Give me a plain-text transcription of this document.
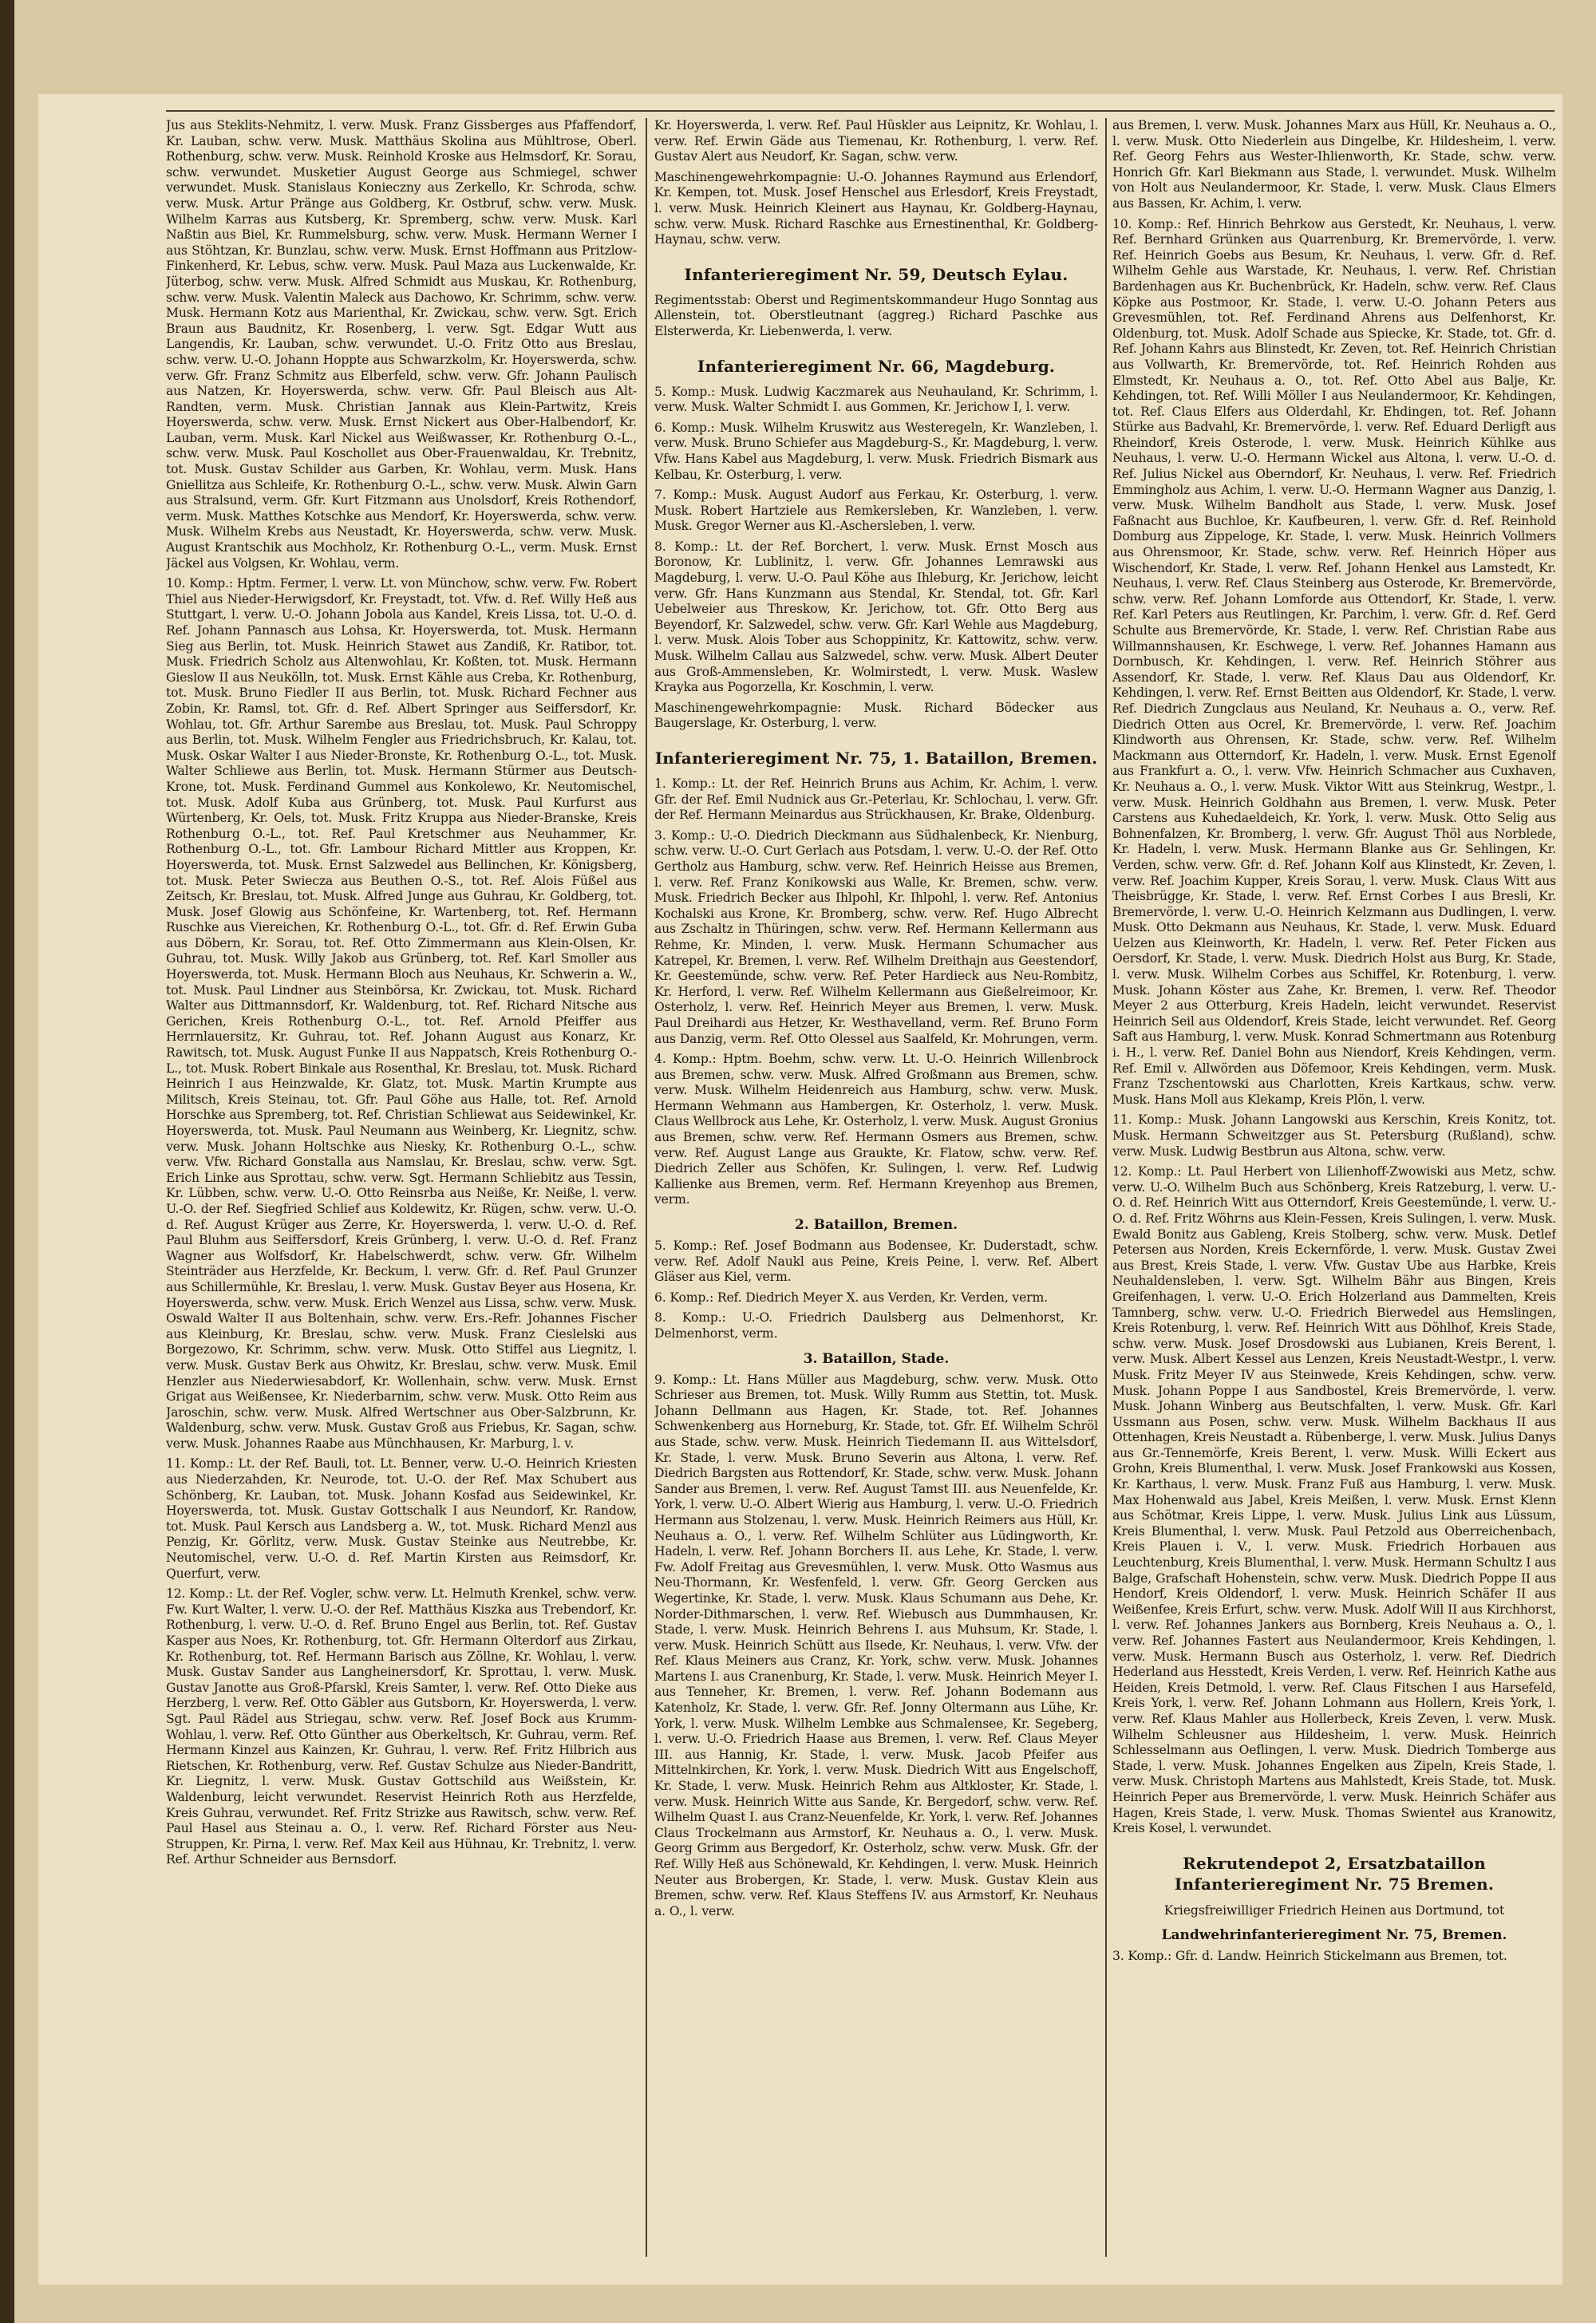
Jus aus Steklits-Nehmitz, l. verw. Musk. Franz Gissberges aus Pfaffendorf, Kr. Lauban, schw. verw. Musk. Matthäus Skolina aus Mühltrose, Oberl. Rothenburg, schw. verw. Musk. Reinhold Kroske aus Helmsdorf, Kr. Sorau, schw. verwundet. Musketier August George aus Schmiegel, schwer verwundet. Musk. Stanislaus Konieczny aus Zerkello, Kr. Schroda, schw. verw. Musk. Artur Pränge aus Goldberg, Kr. Ostbruf, schw. verw. Musk. Wilhelm Karras aus Kutsberg, Kr. Spremberg, schw. verw. Musk. Karl Naßtin aus Biel, Kr. Rummelsburg, schw. verw. Musk. Hermann Werner I aus Stöhtzan, Kr. Bunzlau, schw. verw. Musk. Ernst Hoffmann aus Pritzlow-Finkenherd, Kr. Lebus, schw. verw. Musk. Paul Maza aus Luckenwalde, Kr. Jüterbog, schw. verw. Musk. Alfred Schmidt aus Muskau, Kr. Rothenburg, schw. verw. Musk. Valentin Maleck aus Dachowo, Kr. Schrimm, schw. verw. Musk. Hermann Kotz aus Marienthal, Kr. Zwickau, schw. verw. Sgt. Erich Braun aus Baudnitz, Kr. Rosenberg, l. verw. Sgt. Edgar Wutt aus Langendis, Kr. Lauban, schw. verwundet. U.-O. Fritz Otto aus Breslau, schw. verw. U.-O. Johann Hoppte aus Schwarzkolm, Kr. Hoyerswerda, schw. verw. Gfr. Franz Schmitz aus Elberfeld, schw. verw. Gfr. Johann Paulisch aus Natzen, Kr. Hoyerswerda, schw. verw. Gfr. Paul Bleisch aus Alt-Randten, verm. Musk. Christian Jannak aus Klein-Partwitz, Kreis Hoyerswerda, schw. verw. Musk. Ernst Nickert aus Ober-Halbendorf, Kr. Lauban, verm. Musk. Karl Nickel aus Weißwasser, Kr. Rothenburg O.-L., schw. verw. Musk. Paul Koschollet aus Ober-Frauenwaldau, Kr. Trebnitz, tot. Musk. Gustav Schilder aus Garben, Kr. Wohlau, verm. Musk. Hans Gniellitza aus Schleife, Kr. Rothenburg O.-L., schw. verw. Musk. Alwin Garn aus Stralsund, verm. Gfr. Kurt Fitzmann aus Unolsdorf, Kreis Rothendorf, verm. Musk. Matthes Kotschke aus Mendorf, Kr. Hoyerswerda, schw. verw. Musk. Wilhelm Krebs aus Neustadt, Kr. Hoyerswerda, schw. verw. Musk. August Krantschik aus Mochholz, Kr. Rothenburg O.-L., verm. Musk. Ernst Jäckel aus Volgsen, Kr. Wohlau, verm.

10. Komp.: Hptm. Fermer, l. verw. Lt. von Münchow, schw. verw. Fw. Robert Thiel aus Nieder-Herwigsdorf, Kr. Freystadt, tot. Vfw. d. Ref. Willy Heß aus Stuttgart, l. verw. U.-O. Johann Jobola aus Kandel, Kreis Lissa, tot. U.-O. d. Ref. Johann Pannasch aus Lohsa, Kr. Hoyerswerda, tot. Musk. Hermann Sieg aus Berlin, tot. Musk. Heinrich Stawet aus Zandiß, Kr. Ratibor, tot. Musk. Friedrich Scholz aus Altenwohlau, Kr. Koßten, tot. Musk. Hermann Gieslow II aus Neukölln, tot. Musk. Ernst Kähle aus Creba, Kr. Rothenburg, tot. Musk. Bruno Fiedler II aus Berlin, tot. Musk. Richard Fechner aus Zobin, Kr. Ramsl, tot. Gfr. d. Ref. Albert Springer aus Seiffersdorf, Kr. Wohlau, tot. Gfr. Arthur Sarembe aus Breslau, tot. Musk. Paul Schroppy aus Berlin, tot. Musk. Wilhelm Fengler aus Friedrichsbruch, Kr. Kalau, tot. Musk. Oskar Walter I aus Nieder-Bronste, Kr. Rothenburg O.-L., tot. Musk. Walter Schliewe aus Berlin, tot. Musk. Hermann Stürmer aus Deutsch-Krone, tot. Musk. Ferdinand Gummel aus Konkolewo, Kr. Neutomischel, tot. Musk. Adolf Kuba aus Grünberg, tot. Musk. Paul Kurfurst aus Würtenberg, Kr. Oels, tot. Musk. Fritz Kruppa aus Nieder-Branske, Kreis Rothenburg O.-L., tot. Ref. Paul Kretschmer aus Neuhammer, Kr. Rothenburg O.-L., tot. Gfr. Lambour Richard Mittler aus Kroppen, Kr. Hoyerswerda, tot. Musk. Ernst Salzwedel aus Bellinchen, Kr. Königsberg, tot. Musk. Peter Swiecza aus Beuthen O.-S., tot. Ref. Alois Füßel aus Zeitsch, Kr. Breslau, tot. Musk. Alfred Junge aus Guhrau, Kr. Goldberg, tot. Musk. Josef Glowig aus Schönfeine, Kr. Wartenberg, tot. Ref. Hermann Ruschke aus Viereichen, Kr. Rothenburg O.-L., tot. Gfr. d. Ref. Erwin Guba aus Döbern, Kr. Sorau, tot. Ref. Otto Zimmermann aus Klein-Olsen, Kr. Guhrau, tot. Musk. Willy Jakob aus Grünberg, tot. Ref. Karl Smoller aus Hoyerswerda, tot. Musk. Hermann Bloch aus Neuhaus, Kr. Schwerin a. W., tot. Musk. Paul Lindner aus Steinbörsa, Kr. Zwickau, tot. Musk. Richard Walter aus Dittmannsdorf, Kr. Waldenburg, tot. Ref. Richard Nitsche aus Gerichen, Kreis Rothenburg O.-L., tot. Ref. Arnold Pfeiffer aus Herrnlauersitz, Kr. Guhrau, tot. Ref. Johann August aus Konarz, Kr. Rawitsch, tot. Musk. August Funke II aus Nappatsch, Kreis Rothenburg O.-L., tot. Musk. Robert Binkale aus Rosenthal, Kr. Breslau, tot. Musk. Richard Heinrich I aus Heinzwalde, Kr. Glatz, tot. Musk. Martin Krumpte aus Militsch, Kreis Steinau, tot. Gfr. Paul Göhe aus Halle, tot. Ref. Arnold Horschke aus Spremberg, tot. Ref. Christian Schliewat aus Seidewinkel, Kr. Hoyerswerda, tot. Musk. Paul Neumann aus Weinberg, Kr. Liegnitz, schw. verw. Musk. Johann Holtschke aus Niesky, Kr. Rothenburg O.-L., schw. verw. Vfw. Richard Gonstalla aus Namslau, Kr. Breslau, schw. verw. Sgt. Erich Linke aus Sprottau, schw. verw. Sgt. Hermann Schliebitz aus Tessin, Kr. Lübben, schw. verw. U.-O. Otto Reinsrba aus Neiße, Kr. Neiße, l. verw. U.-O. der Ref. Siegfried Schlief aus Koldewitz, Kr. Rügen, schw. verw. U.-O. d. Ref. August Krüger aus Zerre, Kr. Hoyerswerda, l. verw. U.-O. d. Ref. Paul Bluhm aus Seiffersdorf, Kreis Grünberg, l. verw. U.-O. d. Ref. Franz Wagner aus Wolfsdorf, Kr. Habelschwerdt, schw. verw. Gfr. Wilhelm Steinträder aus Herzfelde, Kr. Beckum, l. verw. Gfr. d. Ref. Paul Grunzer aus Schillermühle, Kr. Breslau, l. verw. Musk. Gustav Beyer aus Hosena, Kr. Hoyerswerda, schw. verw. Musk. Erich Wenzel aus Lissa, schw. verw. Musk. Oswald Walter II aus Boltenhain, schw. verw. Ers.-Refr. Johannes Fischer aus Kleinburg, Kr. Breslau, schw. verw. Musk. Franz Cieslelski aus Borgezowo, Kr. Schrimm, schw. verw. Musk. Otto Stiffel aus Liegnitz, l. verw. Musk. Gustav Berk aus Ohwitz, Kr. Breslau, schw. verw. Musk. Emil Henzler aus Niederwiesabdorf, Kr. Wollenhain, schw. verw. Musk. Ernst Grigat aus Weißensee, Kr. Niederbarnim, schw. verw. Musk. Otto Reim aus Jaroschin, schw. verw. Musk. Alfred Wertschner aus Ober-Salzbrunn, Kr. Waldenburg, schw. verw. Musk. Gustav Groß aus Friebus, Kr. Sagan, schw. verw. Musk. Johannes Raabe aus Münchhausen, Kr. Marburg, l. v.

11. Komp.: Lt. der Ref. Bauli, tot. Lt. Benner, verw. U.-O. Heinrich Kriesten aus Niederzahden, Kr. Neurode, tot. U.-O. der Ref. Max Schubert aus Schönberg, Kr. Lauban, tot. Musk. Johann Kosfad aus Seidewinkel, Kr. Hoyerswerda, tot. Musk. Gustav Gottschalk I aus Neundorf, Kr. Randow, tot. Musk. Paul Kersch aus Landsberg a. W., tot. Musk. Richard Menzl aus Penzig, Kr. Görlitz, verw. Musk. Gustav Steinke aus Neutrebbe, Kr. Neutomischel, verw. U.-O. d. Ref. Martin Kirsten aus Reimsdorf, Kr. Querfurt, verw.

12. Komp.: Lt. der Ref. Vogler, schw. verw. Lt. Helmuth Krenkel, schw. verw. Fw. Kurt Walter, l. verw. U.-O. der Ref. Matthäus Kiszka aus Trebendorf, Kr. Rothenburg, l. verw. U.-O. d. Ref. Bruno Engel aus Berlin, tot. Ref. Gustav Kasper aus Noes, Kr. Rothenburg, tot. Gfr. Hermann Olterdorf aus Zirkau, Kr. Rothenburg, tot. Ref. Hermann Barisch aus Zöllne, Kr. Wohlau, l. verw. Musk. Gustav Sander aus Langheinersdorf, Kr. Sprottau, l. verw. Musk. Gustav Janotte aus Groß-Pfarskl, Kreis Samter, l. verw. Ref. Otto Dieke aus Herzberg, l. verw. Ref. Otto Gäbler aus Gutsborn, Kr. Hoyerswerda, l. verw. Sgt. Paul Rädel aus Striegau, schw. verw. Ref. Josef Bock aus Krumm-Wohlau, l. verw. Ref. Otto Günther aus Oberkeltsch, Kr. Guhrau, verm. Ref. Hermann Kinzel aus Kainzen, Kr. Guhrau, l. verw. Ref. Fritz Hilbrich aus Rietschen, Kr. Rothenburg, verw. Ref. Gustav Schulze aus Nieder-Bandritt, Kr. Liegnitz, l. verw. Musk. Gustav Gottschild aus Weißstein, Kr. Waldenburg, leicht verwundet. Reservist Heinrich Roth aus Herzfelde, Kreis Guhrau, verwundet. Ref. Fritz Strizke aus Rawitsch, schw. verw. Ref. Paul Hasel aus Steinau a. O., l. verw. Ref. Richard Förster aus Neu-Struppen, Kr. Pirna, l. verw. Ref. Max Keil aus Hühnau, Kr. Trebnitz, l. verw. Ref. Arthur Schneider aus Bernsdorf.

Kr. Hoyerswerda, l. verw. Ref. Paul Hüskler aus Leipnitz, Kr. Wohlau, l. verw. Ref. Erwin Gäde aus Tiemenau, Kr. Rothenburg, l. verw. Ref. Gustav Alert aus Neudorf, Kr. Sagan, schw. verw.

Maschinengewehrkompagnie: U.-O. Johannes Raymund aus Erlendorf, Kr. Kempen, tot. Musk. Josef Henschel aus Erlesdorf, Kreis Freystadt, l. verw. Musk. Heinrich Kleinert aus Haynau, Kr. Goldberg-Haynau, schw. verw. Musk. Richard Raschke aus Ernestinenthal, Kr. Goldberg-Haynau, schw. verw.

Infanterieregiment Nr. 59, Deutsch Eylau.

Regimentsstab: Oberst und Regimentskommandeur Hugo Sonntag aus Allenstein, tot. Oberstleutnant (aggreg.) Richard Paschke aus Elsterwerda, Kr. Liebenwerda, l. verw.

Infanterieregiment Nr. 66, Magdeburg.

5. Komp.: Musk. Ludwig Kaczmarek aus Neuhauland, Kr. Schrimm, l. verw. Musk. Walter Schmidt I. aus Gommen, Kr. Jerichow I, l. verw.

6. Komp.: Musk. Wilhelm Kruswitz aus Westeregeln, Kr. Wanzleben, l. verw. Musk. Bruno Schiefer aus Magdeburg-S., Kr. Magdeburg, l. verw. Vfw. Hans Kabel aus Magdeburg, l. verw. Musk. Friedrich Bismark aus Kelbau, Kr. Osterburg, l. verw.

7. Komp.: Musk. August Audorf aus Ferkau, Kr. Osterburg, l. verw. Musk. Robert Hartziele aus Remkersleben, Kr. Wanzleben, l. verw. Musk. Gregor Werner aus Kl.-Aschersleben, l. verw.

8. Komp.: Lt. der Ref. Borchert, l. verw. Musk. Ernst Mosch aus Boronow, Kr. Lublinitz, l. verw. Gfr. Johannes Lemrawski aus Magdeburg, l. verw. U.-O. Paul Köhe aus Ihleburg, Kr. Jerichow, leicht verw. Gfr. Hans Kunzmann aus Stendal, Kr. Stendal, tot. Gfr. Karl Uebelweier aus Threskow, Kr. Jerichow, tot. Gfr. Otto Berg aus Beyendorf, Kr. Salzwedel, schw. verw. Gfr. Karl Wehle aus Magdeburg, l. verw. Musk. Alois Tober aus Schoppinitz, Kr. Kattowitz, schw. verw. Musk. Wilhelm Callau aus Salzwedel, schw. verw. Musk. Albert Deuter aus Groß-Ammensleben, Kr. Wolmirstedt, l. verw. Musk. Waslew Krayka aus Pogorzella, Kr. Koschmin, l. verw.

Maschinengewehrkompagnie: Musk. Richard Bödecker aus Baugerslage, Kr. Osterburg, l. verw.

Infanterieregiment Nr. 75, 1. Bataillon, Bremen.

1. Komp.: Lt. der Ref. Heinrich Bruns aus Achim, Kr. Achim, l. verw. Gfr. der Ref. Emil Nudnick aus Gr.-Peterlau, Kr. Schlochau, l. verw. Gfr. der Ref. Hermann Meinardus aus Strückhausen, Kr. Brake, Oldenburg.

3. Komp.: U.-O. Diedrich Dieckmann aus Südhalenbeck, Kr. Nienburg, schw. verw. U.-O. Curt Gerlach aus Potsdam, l. verw. U.-O. der Ref. Otto Gertholz aus Hamburg, schw. verw. Ref. Heinrich Heisse aus Bremen, l. verw. Ref. Franz Konikowski aus Walle, Kr. Bremen, schw. verw. Musk. Friedrich Becker aus Ihlpohl, Kr. Ihlpohl, l. verw. Ref. Antonius Kochalski aus Krone, Kr. Bromberg, schw. verw. Ref. Hugo Albrecht aus Zschaltz in Thüringen, schw. verw. Ref. Hermann Kellermann aus Rehme, Kr. Minden, l. verw. Musk. Hermann Schumacher aus Katrepel, Kr. Bremen, l. verw. Ref. Wilhelm Dreithajn aus Geestendorf, Kr. Geestemünde, schw. verw. Ref. Peter Hardieck aus Neu-Rombitz, Kr. Herford, l. verw. Ref. Wilhelm Kellermann aus Gießelreimoor, Kr. Osterholz, l. verw. Ref. Heinrich Meyer aus Bremen, l. verw. Musk. Paul Dreihardi aus Hetzer, Kr. Westhavelland, verm. Ref. Bruno Form aus Danzig, verm. Ref. Otto Olessel aus Saalfeld, Kr. Mohrungen, verm.

4. Komp.: Hptm. Boehm, schw. verw. Lt. U.-O. Heinrich Willenbrock aus Bremen, schw. verw. Musk. Alfred Großmann aus Bremen, schw. verw. Musk. Wilhelm Heidenreich aus Hamburg, schw. verw. Musk. Hermann Wehmann aus Hambergen, Kr. Osterholz, l. verw. Musk. Claus Wellbrock aus Lehe, Kr. Osterholz, l. verw. Musk. August Gronius aus Bremen, schw. verw. Ref. Hermann Osmers aus Bremen, schw. verw. Ref. August Lange aus Graukte, Kr. Flatow, schw. verw. Ref. Diedrich Zeller aus Schöfen, Kr. Sulingen, l. verw. Ref. Ludwig Kallienke aus Bremen, verm. Ref. Hermann Kreyenhop aus Bremen, verm.

2. Bataillon, Bremen.

5. Komp.: Ref. Josef Bodmann aus Bodensee, Kr. Duderstadt, schw. verw. Ref. Adolf Naukl aus Peine, Kreis Peine, l. verw. Ref. Albert Gläser aus Kiel, verm.

6. Komp.: Ref. Diedrich Meyer X. aus Verden, Kr. Verden, verm.

8. Komp.: U.-O. Friedrich Daulsberg aus Delmenhorst, Kr. Delmenhorst, verm.

3. Bataillon, Stade.

9. Komp.: Lt. Hans Müller aus Magdeburg, schw. verw. Musk. Otto Schrieser aus Bremen, tot. Musk. Willy Rumm aus Stettin, tot. Musk. Johann Dellmann aus Hagen, Kr. Stade, tot. Ref. Johannes Schwenkenberg aus Horneburg, Kr. Stade, tot. Gfr. Ef. Wilhelm Schröl aus Stade, schw. verw. Musk. Heinrich Tiedemann II. aus Wittelsdorf, Kr. Stade, l. verw. Musk. Bruno Severin aus Altona, l. verw. Ref. Diedrich Bargsten aus Rottendorf, Kr. Stade, schw. verw. Musk. Johann Sander aus Bremen, l. verw. Ref. August Tamst III. aus Neuenfelde, Kr. York, l. verw. U.-O. Albert Wierig aus Hamburg, l. verw. U.-O. Friedrich Hermann aus Stolzenau, l. verw. Musk. Heinrich Reimers aus Hüll, Kr. Neuhaus a. O., l. verw. Ref. Wilhelm Schlüter aus Lüdingworth, Kr. Hadeln, l. verw. Ref. Johann Borchers II. aus Lehe, Kr. Stade, l. verw. Fw. Adolf Freitag aus Grevesmühlen, l. verw. Musk. Otto Wasmus aus Neu-Thormann, Kr. Wesfenfeld, l. verw. Gfr. Georg Gercken aus Wegertinke, Kr. Stade, l. verw. Musk. Klaus Schumann aus Dehe, Kr. Norder-Dithmarschen, l. verw. Ref. Wiebusch aus Dummhausen, Kr. Stade, l. verw. Musk. Heinrich Behrens I. aus Muhsum, Kr. Stade, l. verw. Musk. Heinrich Schütt aus Ilsede, Kr. Neuhaus, l. verw. Vfw. der Ref. Klaus Meiners aus Cranz, Kr. York, schw. verw. Musk. Johannes Martens I. aus Cranenburg, Kr. Stade, l. verw. Musk. Heinrich Meyer I. aus Tenneher, Kr. Bremen, l. verw. Ref. Johann Bodemann aus Katenholz, Kr. Stade, l. verw. Gfr. Ref. Jonny Oltermann aus Lühe, Kr. York, l. verw. Musk. Wilhelm Lembke aus Schmalensee, Kr. Segeberg, l. verw. U.-O. Friedrich Haase aus Bremen, l. verw. Ref. Claus Meyer III. aus Hannig, Kr. Stade, l. verw. Musk. Jacob Pfeifer aus Mittelnkirchen, Kr. York, l. verw. Musk. Diedrich Witt aus Engelschoff, Kr. Stade, l. verw. Musk. Heinrich Rehm aus Altkloster, Kr. Stade, l. verw. Musk. Heinrich Witte aus Sande, Kr. Bergedorf, schw. verw. Ref. Wilhelm Quast I. aus Cranz-Neuenfelde, Kr. York, l. verw. Ref. Johannes Claus Trockelmann aus Armstorf, Kr. Neuhaus a. O., l. verw. Musk. Georg Grimm aus Bergedorf, Kr. Osterholz, schw. verw. Musk. Gfr. der Ref. Willy Heß aus Schönewald, Kr. Kehdingen, l. verw. Musk. Heinrich Neuter aus Brobergen, Kr. Stade, l. verw. Musk. Gustav Klein aus Bremen, schw. verw. Ref. Klaus Steffens IV. aus Armstorf, Kr. Neuhaus a. O., l. verw.

aus Bremen, l. verw. Musk. Johannes Marx aus Hüll, Kr. Neuhaus a. O., l. verw. Musk. Otto Niederlein aus Dingelbe, Kr. Hildesheim, l. verw. Ref. Georg Fehrs aus Wester-Ihlienworth, Kr. Stade, schw. verw. Honrich Gfr. Karl Biekmann aus Stade, l. verwundet. Musk. Wilhelm von Holt aus Neulandermoor, Kr. Stade, l. verw. Musk. Claus Elmers aus Bassen, Kr. Achim, l. verw.

10. Komp.: Ref. Hinrich Behrkow aus Gerstedt, Kr. Neuhaus, l. verw. Ref. Bernhard Grünken aus Quarrenburg, Kr. Bremervörde, l. verw. Ref. Heinrich Goebs aus Besum, Kr. Neuhaus, l. verw. Gfr. d. Ref. Wilhelm Gehle aus Warstade, Kr. Neuhaus, l. verw. Ref. Christian Bardenhagen aus Kr. Buchenbrück, Kr. Hadeln, schw. verw. Ref. Claus Köpke aus Postmoor, Kr. Stade, l. verw. U.-O. Johann Peters aus Grevesmühlen, tot. Ref. Ferdinand Ahrens aus Delfenhorst, Kr. Oldenburg, tot. Musk. Adolf Schade aus Spiecke, Kr. Stade, tot. Gfr. d. Ref. Johann Kahrs aus Blinstedt, Kr. Zeven, tot. Ref. Heinrich Christian aus Vollwarth, Kr. Bremervörde, tot. Ref. Heinrich Rohden aus Elmstedt, Kr. Neuhaus a. O., tot. Ref. Otto Abel aus Balje, Kr. Kehdingen, tot. Ref. Willi Möller I aus Neulandermoor, Kr. Kehdingen, tot. Ref. Claus Elfers aus Olderdahl, Kr. Ehdingen, tot. Ref. Johann Stürke aus Badvahl, Kr. Bremervörde, l. verw. Ref. Eduard Derligft aus Rheindorf, Kreis Osterode, l. verw. Musk. Heinrich Kühlke aus Neuhaus, l. verw. U.-O. Hermann Wickel aus Altona, l. verw. U.-O. d. Ref. Julius Nickel aus Oberndorf, Kr. Neuhaus, l. verw. Ref. Friedrich Emmingholz aus Achim, l. verw. U.-O. Hermann Wagner aus Danzig, l. verw. Musk. Wilhelm Bandholt aus Stade, l. verw. Musk. Josef Faßnacht aus Buchloe, Kr. Kaufbeuren, l. verw. Gfr. d. Ref. Reinhold Domburg aus Zippeloge, Kr. Stade, l. verw. Musk. Heinrich Vollmers aus Ohrensmoor, Kr. Stade, schw. verw. Ref. Heinrich Höper aus Wischendorf, Kr. Stade, l. verw. Ref. Johann Henkel aus Lamstedt, Kr. Neuhaus, l. verw. Ref. Claus Steinberg aus Osterode, Kr. Bremervörde, schw. verw. Ref. Johann Lomforde aus Ottendorf, Kr. Stade, l. verw. Ref. Karl Peters aus Reutlingen, Kr. Parchim, l. verw. Gfr. d. Ref. Gerd Schulte aus Bremervörde, Kr. Stade, l. verw. Ref. Christian Rabe aus Willmannshausen, Kr. Eschwege, l. verw. Ref. Johannes Hamann aus Dornbusch, Kr. Kehdingen, l. verw. Ref. Heinrich Stöhrer aus Assendorf, Kr. Stade, l. verw. Ref. Klaus Dau aus Oldendorf, Kr. Kehdingen, l. verw. Ref. Ernst Beitten aus Oldendorf, Kr. Stade, l. verw. Ref. Diedrich Zungclaus aus Neuland, Kr. Neuhaus a. O., verw. Ref. Diedrich Otten aus Ocrel, Kr. Bremervörde, l. verw. Ref. Joachim Klindworth aus Ohrensen, Kr. Stade, schw. verw. Ref. Wilhelm Mackmann aus Otterndorf, Kr. Hadeln, l. verw. Musk. Ernst Egenolf aus Frankfurt a. O., l. verw. Vfw. Heinrich Schmacher aus Cuxhaven, Kr. Neuhaus a. O., l. verw. Musk. Viktor Witt aus Steinkrug, Westpr., l. verw. Musk. Heinrich Goldhahn aus Bremen, l. verw. Musk. Peter Carstens aus Kuhedaeldeich, Kr. York, l. verw. Musk. Otto Selig aus Bohnenfalzen, Kr. Bromberg, l. verw. Gfr. August Thöl aus Norblede, Kr. Hadeln, l. verw. Musk. Hermann Blanke aus Gr. Sehlingen, Kr. Verden, schw. verw. Gfr. d. Ref. Johann Kolf aus Klinstedt, Kr. Zeven, l. verw. Ref. Joachim Kupper, Kreis Sorau, l. verw. Musk. Claus Witt aus Theisbrügge, Kr. Stade, l. verw. Ref. Ernst Corbes I aus Bresli, Kr. Bremervörde, l. verw. U.-O. Heinrich Kelzmann aus Dudlingen, l. verw. Musk. Otto Dekmann aus Neuhaus, Kr. Stade, l. verw. Musk. Eduard Uelzen aus Kleinworth, Kr. Hadeln, l. verw. Ref. Peter Ficken aus Oersdorf, Kr. Stade, l. verw. Musk. Diedrich Holst aus Burg, Kr. Stade, l. verw. Musk. Wilhelm Corbes aus Schiffel, Kr. Rotenburg, l. verw. Musk. Johann Köster aus Zahe, Kr. Bremen, l. verw. Ref. Theodor Meyer 2 aus Otterburg, Kreis Hadeln, leicht verwundet. Reservist Heinrich Seil aus Oldendorf, Kreis Stade, leicht verwundet. Ref. Georg Saft aus Hamburg, l. verw. Musk. Konrad Schmertmann aus Rotenburg i. H., l. verw. Ref. Daniel Bohn aus Niendorf, Kreis Kehdingen, verm. Ref. Emil v. Allwörden aus Döfemoor, Kreis Kehdingen, verm. Musk. Franz Tzschentowski aus Charlotten, Kreis Kartkaus, schw. verw. Musk. Hans Moll aus Klekamp, Kreis Plön, l. verw.

11. Komp.: Musk. Johann Langowski aus Kerschin, Kreis Konitz, tot. Musk. Hermann Schweitzger aus St. Petersburg (Rußland), schw. verw. Musk. Ludwig Bestbrun aus Altona, schw. verw.

12. Komp.: Lt. Paul Herbert von Lilienhoff-Zwowiski aus Metz, schw. verw. U.-O. Wilhelm Buch aus Schönberg, Kreis Ratzeburg, l. verw. U.-O. d. Ref. Heinrich Witt aus Otterndorf, Kreis Geestemünde, l. verw. U.-O. d. Ref. Fritz Wöhrns aus Klein-Fessen, Kreis Sulingen, l. verw. Musk. Ewald Bonitz aus Gableng, Kreis Stolberg, schw. verw. Musk. Detlef Petersen aus Norden, Kreis Eckernförde, l. verw. Musk. Gustav Zwei aus Brest, Kreis Stade, l. verw. Vfw. Gustav Ube aus Harbke, Kreis Neuhaldensleben, l. verw. Sgt. Wilhelm Bähr aus Bingen, Kreis Greifenhagen, l. verw. U.-O. Erich Holzerland aus Dammelten, Kreis Tamnberg, schw. verw. U.-O. Friedrich Bierwedel aus Hemslingen, Kreis Rotenburg, l. verw. Ref. Heinrich Witt aus Döhlhof, Kreis Stade, schw. verw. Musk. Josef Drosdowski aus Lubianen, Kreis Berent, l. verw. Musk. Albert Kessel aus Lenzen, Kreis Neustadt-Westpr., l. verw. Musk. Fritz Meyer IV aus Steinwede, Kreis Kehdingen, schw. verw. Musk. Johann Poppe I aus Sandbostel, Kreis Bremervörde, l. verw. Musk. Johann Winberg aus Beutschfalten, l. verw. Musk. Gfr. Karl Ussmann aus Posen, schw. verw. Musk. Wilhelm Backhaus II aus Ottenhagen, Kreis Neustadt a. Rübenberge, l. verw. Musk. Julius Danys aus Gr.-Tennemörfe, Kreis Berent, l. verw. Musk. Willi Eckert aus Grohn, Kreis Blumenthal, l. verw. Musk. Josef Frankowski aus Kossen, Kr. Karthaus, l. verw. Musk. Franz Fuß aus Hamburg, l. verw. Musk. Max Hohenwald aus Jabel, Kreis Meißen, l. verw. Musk. Ernst Klenn aus Schötmar, Kreis Lippe, l. verw. Musk. Julius Link aus Lüssum, Kreis Blumenthal, l. verw. Musk. Paul Petzold aus Oberreichenbach, Kreis Plauen i. V., l. verw. Musk. Friedrich Horbauen aus Leuchtenburg, Kreis Blumenthal, l. verw. Musk. Hermann Schultz I aus Balge, Grafschaft Hohenstein, schw. verw. Musk. Diedrich Poppe II aus Hendorf, Kreis Oldendorf, l. verw. Musk. Heinrich Schäfer II aus Weißenfee, Kreis Erfurt, schw. verw. Musk. Adolf Will II aus Kirchhorst, l. verw. Ref. Johannes Jankers aus Bornberg, Kreis Neuhaus a. O., l. verw. Ref. Johannes Fastert aus Neulandermoor, Kreis Kehdingen, l. verw. Musk. Hermann Busch aus Osterholz, l. verw. Ref. Diedrich Hederland aus Hesstedt, Kreis Verden, l. verw. Ref. Heinrich Kathe aus Heiden, Kreis Detmold, l. verw. Ref. Claus Fitschen I aus Harsefeld, Kreis York, l. verw. Ref. Johann Lohmann aus Hollern, Kreis York, l. verw. Ref. Klaus Mahler aus Hollerbeck, Kreis Zeven, l. verw. Musk. Wilhelm Schleusner aus Hildesheim, l. verw. Musk. Heinrich Schlesselmann aus Oeflingen, l. verw. Musk. Diedrich Tomberge aus Stade, l. verw. Musk. Johannes Engelken aus Zipeln, Kreis Stade, l. verw. Musk. Christoph Martens aus Mahlstedt, Kreis Stade, tot. Musk. Heinrich Peper aus Bremervörde, l. verw. Musk. Heinrich Schäfer aus Hagen, Kreis Stade, l. verw. Musk. Thomas Swienteł aus Kranowitz, Kreis Kosel, l. verwundet.

Rekrutendepot 2, Ersatzbataillon Infanterieregiment Nr. 75 Bremen.

Kriegsfreiwilliger Friedrich Heinen aus Dortmund, tot

Landwehrinfanterieregiment Nr. 75, Bremen.

3. Komp.: Gfr. d. Landw. Heinrich Stickelmann aus Bremen, tot.
